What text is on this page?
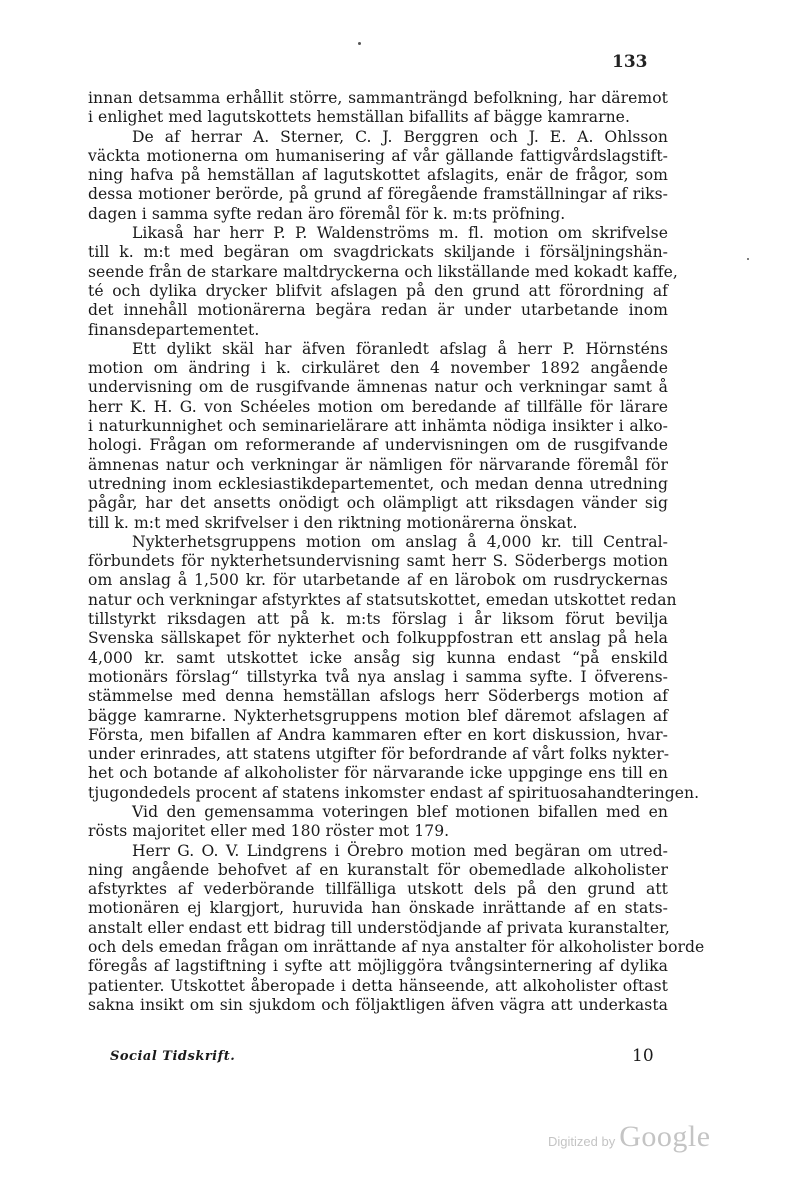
133
innan detsamma erhållit större, sammanträngd befolkning, har däremot
i enlighet med lagutskottets hemställan bifallits af bägge kamrarne.
De af herrar A. Sterner, C. J. Berggren och J. E. A. Ohlsson
väckta motionerna om humanisering af vår gällande fattigvårdslagstift-
ning hafva på hemställan af lagutskottet afslagits, enär de frågor, som
dessa motioner berörde, på grund af föregående framställningar af riks-
dagen i samma syfte redan äro föremål för k. m:ts pröfning.
Likaså har herr P. P. Waldenströms m. fl. motion om skrifvelse
till k. m:t med begäran om svagdrickats skiljande i försäljningshän-
seende från de starkare maltdryckerna och likställande med kokadt kaffe,
té och dylika drycker blifvit afslagen på den grund att förordning af
det innehåll motionärerna begära redan är under utarbetande inom
finansdepartementet.
Ett dylikt skäl har äfven föranledt afslag å herr P. Hörnsténs
motion om ändring i k. cirkuläret den 4 november 1892 angående
undervisning om de rusgifvande ämnenas natur och verkningar samt å
herr K. H. G. von Schéeles motion om beredande af tillfälle för lärare
i naturkunnighet och seminarielärare att inhämta nödiga insikter i alko-
hologi. Frågan om reformerande af undervisningen om de rusgifvande
ämnenas natur och verkningar är nämligen för närvarande föremål för
utredning inom ecklesiastikdepartementet, och medan denna utredning
pågår, har det ansetts onödigt och olämpligt att riksdagen vänder sig
till k. m:t med skrifvelser i den riktning motionärerna önskat.
Nykterhetsgruppens motion om anslag å 4,000 kr. till Central-
förbundets för nykterhetsundervisning samt herr S. Söderbergs motion
om anslag å 1,500 kr. för utarbetande af en lärobok om rusdryckernas
natur och verkningar afstyrktes af statsutskottet, emedan utskottet redan
tillstyrkt riksdagen att på k. m:ts förslag i år liksom förut bevilja
Svenska sällskapet för nykterhet och folkuppfostran ett anslag på hela
4,000 kr. samt utskottet icke ansåg sig kunna endast “på enskild
motionärs förslag“ tillstyrka två nya anslag i samma syfte. I öfverens-
stämmelse med denna hemställan afslogs herr Söderbergs motion af
bägge kamrarne. Nykterhetsgruppens motion blef däremot afslagen af
Första, men bifallen af Andra kammaren efter en kort diskussion, hvar-
under erinrades, att statens utgifter för befordrande af vårt folks nykter-
het och botande af alkoholister för närvarande icke uppginge ens till en
tjugondedels procent af statens inkomster endast af spirituosahandteringen.
Vid den gemensamma voteringen blef motionen bifallen med en
rösts majoritet eller med 180 röster mot 179.
Herr G. O. V. Lindgrens i Örebro motion med begäran om utred-
ning angående behofvet af en kuranstalt för obemedlade alkoholister
afstyrktes af vederbörande tillfälliga utskott dels på den grund att
motionären ej klargjort, huruvida han önskade inrättande af en stats-
anstalt eller endast ett bidrag till understödjande af privata kuranstalter,
och dels emedan frågan om inrättande af nya anstalter för alkoholister borde
föregås af lagstiftning i syfte att möjliggöra tvångsinternering af dylika
patienter. Utskottet åberopade i detta hänseende, att alkoholister oftast
sakna insikt om sin sjukdom och följaktligen äfven vägra att underkasta
Social Tidskrift.	10
Digitized by Google
